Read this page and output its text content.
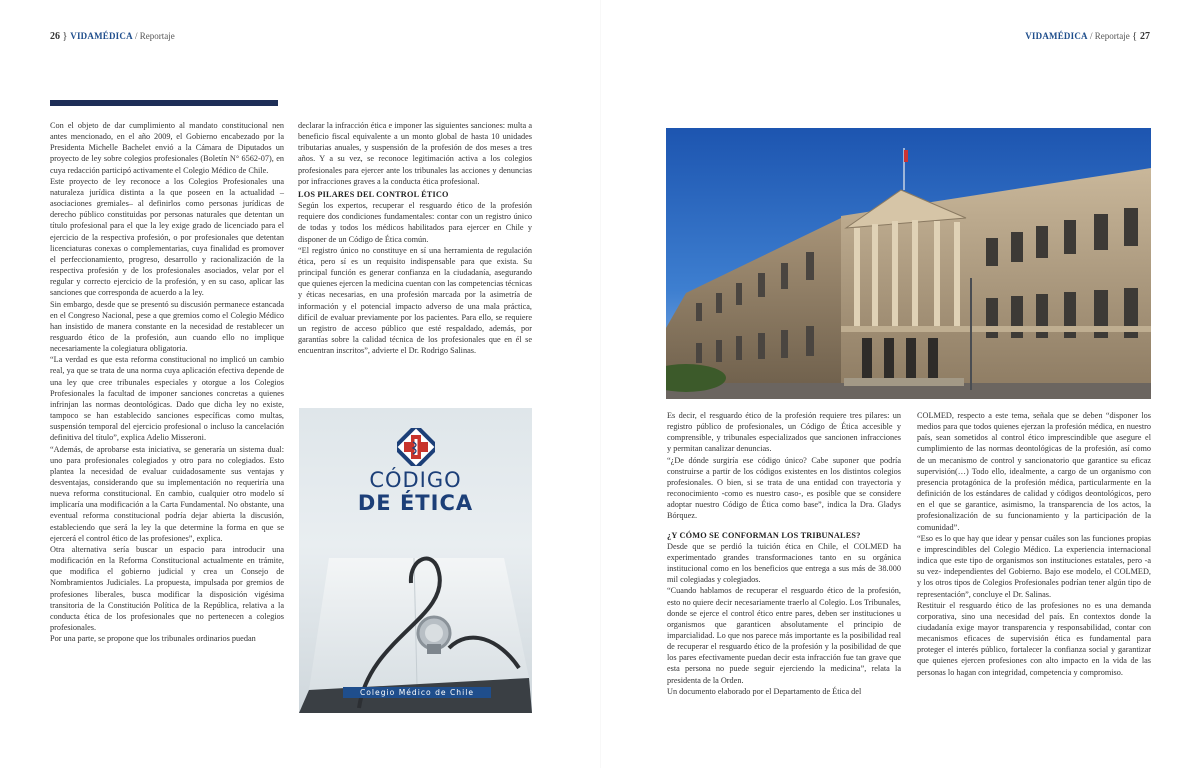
26 } VIDAMÉDICA / Reportaje	VIDAMÉDICA / Reportaje { 27

Con el objeto de dar cumplimiento al mandato constitucional nen antes mencionado, en el año 2009, el Gobierno encabezado por la Presidenta Michelle Bachelet envió a la Cámara de Diputados un proyecto de ley sobre colegios profesionales (Boletín N° 6562-07), en cuya redacción participó activamente el Colegio Médico de Chile.

Este proyecto de ley reconoce a los Colegios Profesionales una naturaleza jurídica distinta a la que poseen en la actualidad –asociaciones gremiales– al definirlos como personas jurídicas de derecho público constituidas por personas naturales que detentan un título profesional para el que la ley exige grado de licenciado para el ejercicio de la respectiva profesión, o por profesionales que detentan licenciaturas conexas o complementarias, cuya finalidad es promover el perfeccionamiento, progreso, desarrollo y racionalización de la respectiva profesión y de los profesionales asociados, velar por el regular y correcto ejercicio de la profesión, y en su caso, aplicar las sanciones que corresponda de acuerdo a la ley.

Sin embargo, desde que se presentó su discusión permanece estancada en el Congreso Nacional, pese a que gremios como el Colegio Médico han insistido de manera constante en la necesidad de restablecer un resguardo ético de la profesión, aun cuando ello no implique necesariamente la colegiatura obligatoria.

“La verdad es que esta reforma constitucional no implicó un cambio real, ya que se trata de una norma cuya aplicación efectiva depende de una ley que cree tribunales especiales y otorgue a los Colegios Profesionales la facultad de imponer sanciones concretas a quienes infrinjan las normas deontológicas. Dado que dicha ley no existe, tampoco se han establecido sanciones específicas como multas, suspensión temporal del ejercicio profesional o incluso la cancelación definitiva del título”, explica Adelio Misseroni.

“Además, de aprobarse esta iniciativa, se generaría un sistema dual: uno para profesionales colegiados y otro para no colegiados. Esto plantea la necesidad de evaluar cuidadosamente sus ventajas y desventajas, considerando que su implementación no requeriría una nueva reforma constitucional. En cambio, cualquier otro modelo sí implicaría una modificación a la Carta Fundamental. No obstante, una eventual reforma constitucional podría dejar abierta la discusión, estableciendo que será la ley la que determine la forma en que se ejercerá el control ético de las profesiones”, explica.

Otra alternativa sería buscar un espacio para introducir una modificación en la Reforma Constitucional actualmente en trámite, que modifica el gobierno judicial y crea un Consejo de Nombramientos Judiciales. La propuesta, impulsada por gremios de profesiones liberales, busca modificar la disposición vigésima transitoria de la Constitución Política de la República, relativa a la conducta ética de los profesionales que no pertenecen a colegios profesionales.

Por una parte, se propone que los tribunales ordinarios puedan

declarar la infracción ética e imponer las siguientes sanciones: multa a beneficio fiscal equivalente a un monto global de hasta 10 unidades tributarias anuales, y suspensión de la profesión de dos meses a tres años. Y a su vez, se reconoce legitimación activa a los colegios profesionales para ejercer ante los tribunales las acciones y denuncias por infracciones graves a la conducta ética profesional.

LOS PILARES DEL CONTROL ÉTICO

Según los expertos, recuperar el resguardo ético de la profesión requiere dos condiciones fundamentales: contar con un registro único de todas y todos los médicos habilitados para ejercer en Chile y disponer de un Código de Ética común.

“El registro único no constituye en sí una herramienta de regulación ética, pero sí es un requisito indispensable para que exista. Su principal función es generar confianza en la ciudadanía, asegurando que quienes ejercen la medicina cuentan con las competencias técnicas y éticas necesarias, en una profesión marcada por la asimetría de información y el potencial impacto adverso de una mala práctica, difícil de evaluar previamente por los pacientes. Para ello, se requiere un registro de acceso público que esté respaldado, además, por garantías sobre la calidad técnica de los profesionales que en él se encuentran inscritos”, advierte el Dr. Rodrigo Salinas.

CÓDIGO
DE ÉTICA
Colegio Médico de Chile

Es decir, el resguardo ético de la profesión requiere tres pilares: un registro público de profesionales, un Código de Ética accesible y comprensible, y tribunales especializados que sancionen infracciones y permitan canalizar denuncias.

“¿De dónde surgiría ese código único? Cabe suponer que podría construirse a partir de los códigos existentes en los distintos colegios profesionales. O bien, si se trata de una entidad con trayectoria y reconocimiento -como es nuestro caso-, es posible que se considere adoptar nuestro Código de Ética como base”, indica la Dra. Gladys Bórquez.

¿Y CÓMO SE CONFORMAN LOS TRIBUNALES?

Desde que se perdió la tuición ética en Chile, el COLMED ha experimentado grandes transformaciones tanto en su orgánica institucional como en los beneficios que entrega a sus más de 38.000 mil colegiadas y colegiados.

“Cuando hablamos de recuperar el resguardo ético de la profesión, esto no quiere decir necesariamente traerlo al Colegio. Los Tribunales, donde se ejerce el control ético entre pares, deben ser instituciones u organismos que garanticen absolutamente el principio de imparcialidad. Lo que nos parece más importante es la posibilidad real de recuperar el resguardo ético de la profesión y la posibilidad de que los pares efectivamente puedan decir esta infracción fue tan grave que esta persona no puede seguir ejerciendo la medicina”, relata la presidenta de la Orden.

Un documento elaborado por el Departamento de Ética del

COLMED, respecto a este tema, señala que se deben “disponer los medios para que todos quienes ejerzan la profesión médica, en nuestro país, sean sometidos al control ético imprescindible que asegure el cumplimiento de las normas deontológicas de la profesión, así como de un mecanismo de control y sancionatorio que garantice su eficaz supervisión(…) Todo ello, idealmente, a cargo de un organismo con presencia protagónica de la profesión médica, particularmente en la definición de los estándares de calidad y códigos deontológicos, pero en el que se garantice, asimismo, la transparencia de los actos, la profesionalización de su funcionamiento y la participación de la comunidad”.

“Eso es lo que hay que idear y pensar cuáles son las funciones propias e imprescindibles del Colegio Médico. La experiencia internacional indica que este tipo de organismos son instituciones estatales, pero -a su vez- independientes del Gobierno. Bajo ese modelo, el COLMED, y los otros tipos de Colegios Profesionales podrían tener algún tipo de representación”, concluye el Dr. Salinas.

Restituir el resguardo ético de las profesiones no es una demanda corporativa, sino una necesidad del país. En contextos donde la ciudadanía exige mayor transparencia y responsabilidad, contar con mecanismos eficaces de supervisión ética es fundamental para proteger el interés público, fortalecer la confianza social y garantizar que quienes ejercen profesiones con alto impacto en la vida de las personas lo hagan con integridad, competencia y compromiso.
